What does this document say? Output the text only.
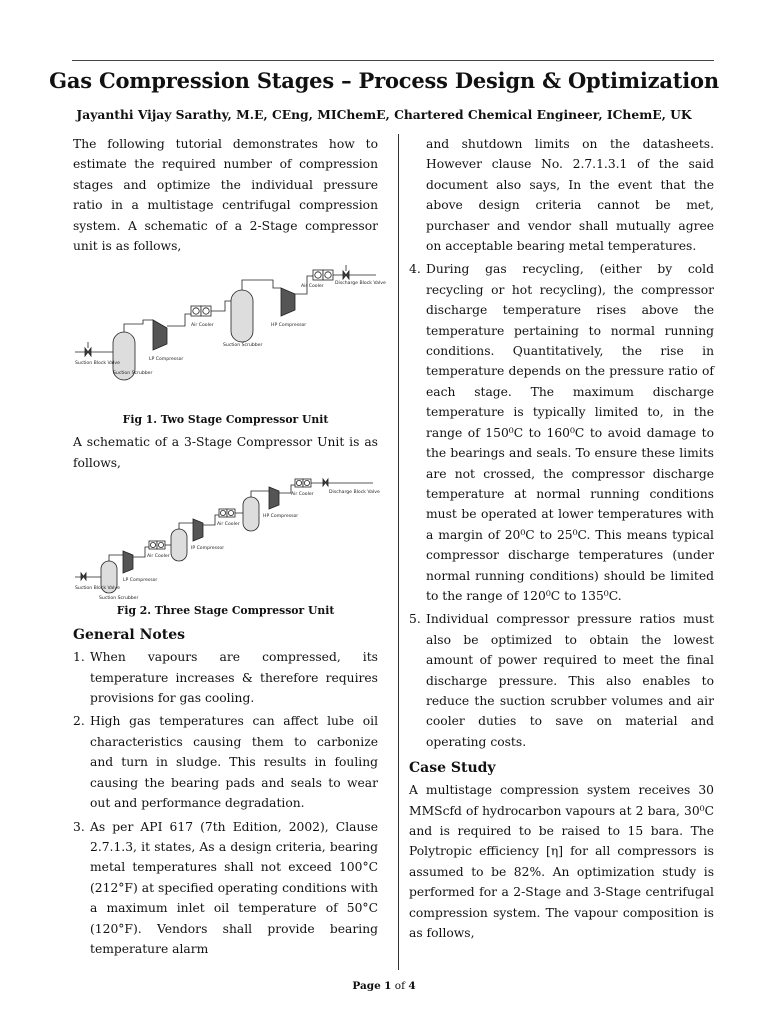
Gas Compression Stages – Process Design & Optimization
Jayanthi Vijay Sarathy, M.E, CEng, MIChemE, Chartered Chemical Engineer, IChemE, UK

The following tutorial demonstrates how to estimate the required number of compression stages and optimize the individual pressure ratio in a multistage centrifugal compression system. A schematic of a 2-Stage compressor unit is as follows,

Suction Block Valve
Suction Scrubber
LP Compressor
Air Cooler
Suction Scrubber
HP Compressor
Air Cooler
Discharge Block Valve
Fig 1. Two Stage Compressor Unit

A schematic of a 3-Stage Compressor Unit is as follows,

Suction Block Valve
Suction Scrubber
LP Compressor
Air Cooler
IP Compressor
Air Cooler
HP Compressor
Air Cooler	Discharge Block Valve
Fig 2. Three Stage Compressor Unit
General Notes
1. When vapours are compressed, its temperature increases & therefore requires provisions for gas cooling.
2. High gas temperatures can affect lube oil characteristics causing them to carbonize and turn in sludge. This results in fouling causing the bearing pads and seals to wear out and performance degradation.
3. As per API 617 (7th Edition, 2002), Clause 2.7.1.3, it states, As a design criteria, bearing metal temperatures shall not exceed 100°C (212°F) at specified operating conditions with a maximum inlet oil temperature of 50°C (120°F). Vendors shall provide bearing temperature alarm

and shutdown limits on the datasheets. However clause No. 2.7.1.3.1 of the said document also says, In the event that the above design criteria cannot be met, purchaser and vendor shall mutually agree on acceptable bearing metal temperatures.

4. During gas recycling, (either by cold recycling or hot recycling), the compressor discharge temperature rises above the temperature pertaining to normal running conditions. Quantitatively, the rise in temperature depends on the pressure ratio of each stage. The maximum discharge temperature is typically limited to, in the range of 150⁰C to 160⁰C to avoid damage to the bearings and seals. To ensure these limits are not crossed, the compressor discharge temperature at normal running conditions must be operated at lower temperatures with a margin of 20⁰C to 25⁰C. This means typical compressor discharge temperatures (under normal running conditions) should be limited to the range of 120⁰C to 135⁰C.
5. Individual compressor pressure ratios must also be optimized to obtain the lowest amount of power required to meet the final discharge pressure. This also enables to reduce the suction scrubber volumes and air cooler duties to save on material and operating costs.
Case Study

A multistage compression system receives 30 MMScfd of hydrocarbon vapours at 2 bara, 30⁰C and is required to be raised to 15 bara. The Polytropic efficiency [η] for all compressors is assumed to be 82%. An optimization study is performed for a 2-Stage and 3-Stage centrifugal compression system. The vapour composition is as follows,

Page 1 of 4
